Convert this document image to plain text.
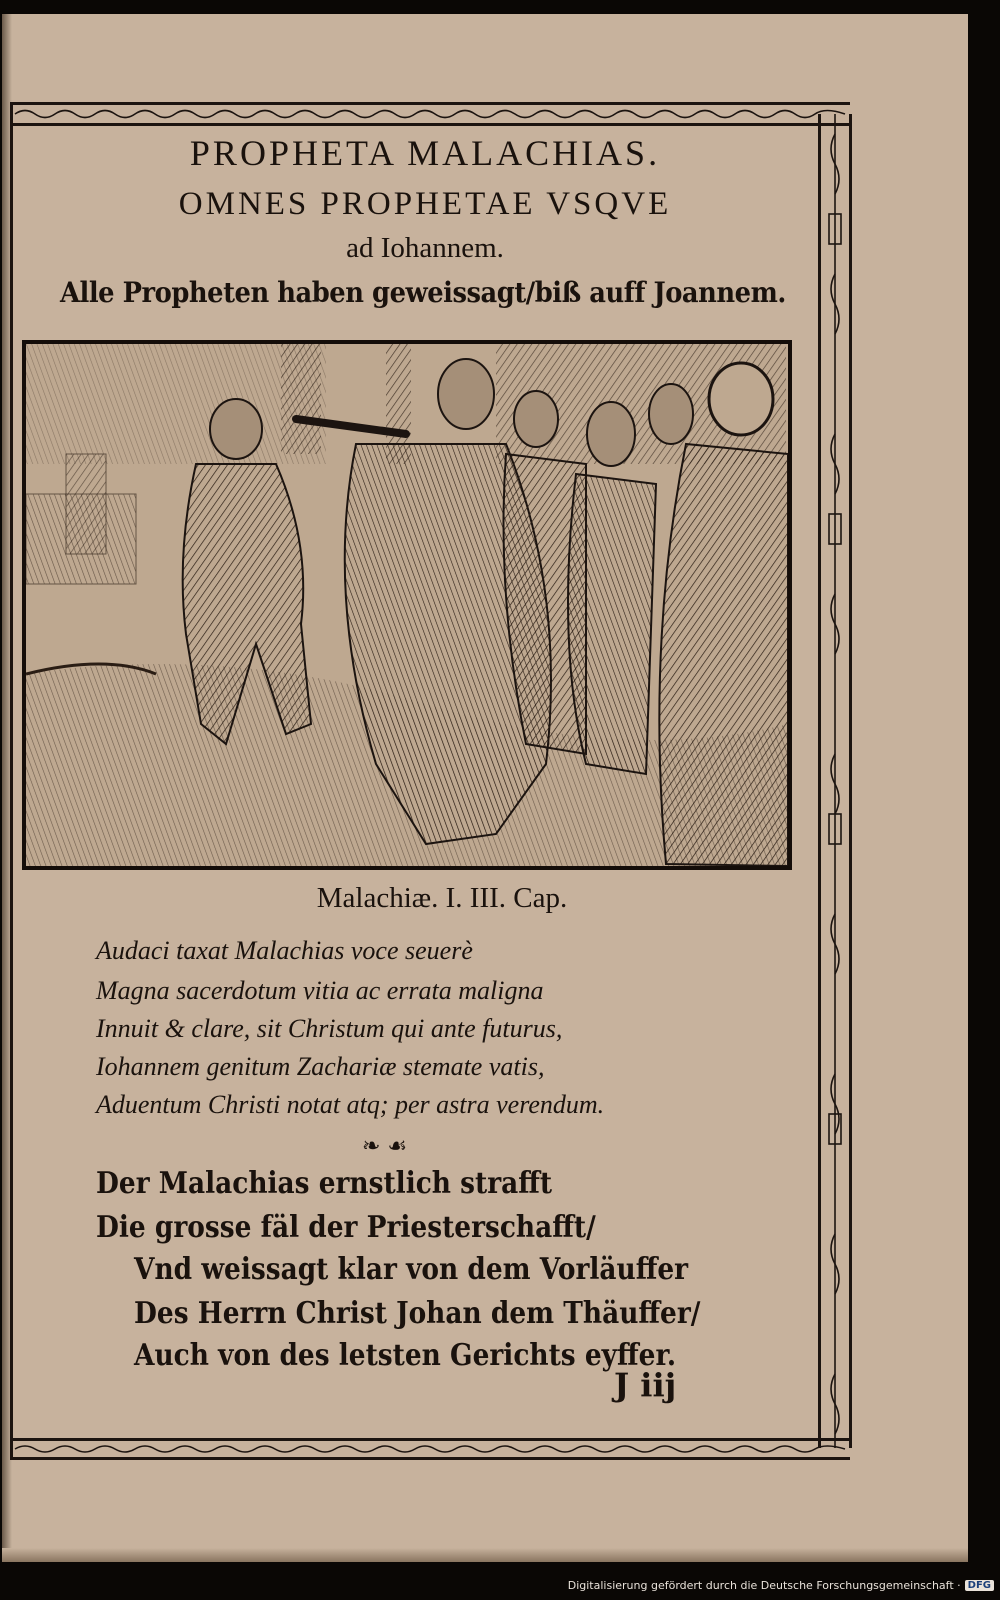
PROPHETA MALACHIAS.
OMNES PROPHETAE VSQVE
ad Iohannem.
Alle Propheten haben geweissagt/biß auff Joannem.
Malachiæ. I. III. Cap.
Audaci taxat Malachias voce seuerè
Magna sacerdotum vitia ac errata maligna
Innuit & clare, sit Christum qui ante futurus,
Iohannem genitum Zachariæ stemate vatis,
Aduentum Christi notat atq; per astra verendum.
❧ ☙
Der Malachias ernstlich strafft
Die grosse fäl der Priesterschafft/
Vnd weissagt klar von dem Vorläuffer
Des Herrn Christ Johan dem Thäuffer/
Auch von des letsten Gerichts eyffer.
J iij
Digitalisierung gefördert durch die Deutsche Forschungsgemeinschaft · DFG
